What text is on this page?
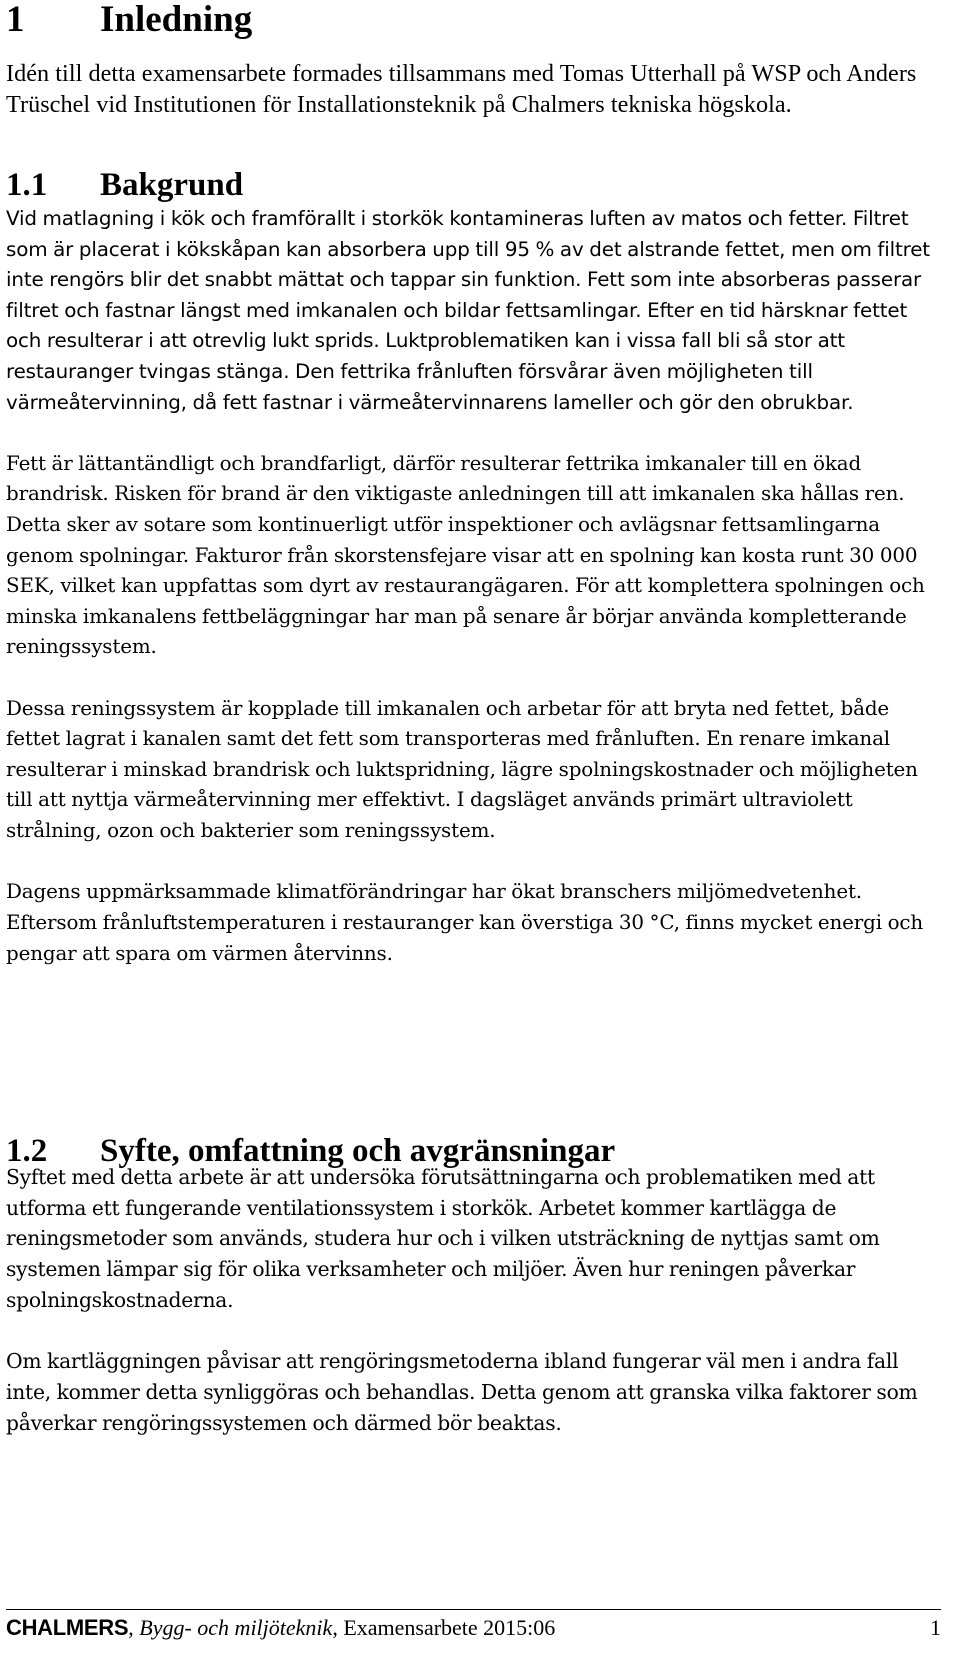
1	Inledning

Idén till detta examensarbete formades tillsammans med Tomas Utterhall på WSP och Anders Trüschel vid Institutionen för Installationsteknik på Chalmers tekniska högskola.

1.1	Bakgrund

Vid matlagning i kök och framförallt i storkök kontamineras luften av matos och fetter. Filtret som är placerat i kökskåpan kan absorbera upp till 95 % av det alstrande fettet, men om filtret inte rengörs blir det snabbt mättat och tappar sin funktion. Fett som inte absorberas passerar filtret och fastnar längst med imkanalen och bildar fettsamlingar. Efter en tid härsknar fettet och resulterar i att otrevlig lukt sprids. Luktproblematiken kan i vissa fall bli så stor att restauranger tvingas stänga. Den fettrika frånluften försvårar även möjligheten till värmeåtervinning, då fett fastnar i värmeåtervinnarens lameller och gör den obrukbar.

Fett är lättantändligt och brandfarligt, därför resulterar fettrika imkanaler till en ökad brandrisk. Risken för brand är den viktigaste anledningen till att imkanalen ska hållas ren. Detta sker av sotare som kontinuerligt utför inspektioner och avlägsnar fettsamlingarna genom spolningar. Fakturor från skorstensfejare visar att en spolning kan kosta runt 30 000 SEK, vilket kan uppfattas som dyrt av restaurangägaren. För att komplettera spolningen och minska imkanalens fettbeläggningar har man på senare år börjar använda kompletterande reningssystem.

Dessa reningssystem är kopplade till imkanalen och arbetar för att bryta ned fettet, både fettet lagrat i kanalen samt det fett som transporteras med frånluften. En renare imkanal resulterar i minskad brandrisk och luktspridning, lägre spolningskostnader och möjligheten till att nyttja värmeåtervinning mer effektivt. I dagsläget används primärt ultraviolett strålning, ozon och bakterier som reningssystem.

Dagens uppmärksammade klimatförändringar har ökat branschers miljömedvetenhet. Eftersom frånluftstemperaturen i restauranger kan överstiga 30 °C, finns mycket energi och pengar att spara om värmen återvinns.

1.2	Syfte, omfattning och avgränsningar

Syftet med detta arbete är att undersöka förutsättningarna och problematiken med att utforma ett fungerande ventilationssystem i storkök. Arbetet kommer kartlägga de reningsmetoder som används, studera hur och i vilken utsträckning de nyttjas samt om systemen lämpar sig för olika verksamheter och miljöer. Även hur reningen påverkar spolningskostnaderna.

Om kartläggningen påvisar att rengöringsmetoderna ibland fungerar väl men i andra fall inte, kommer detta synliggöras och behandlas. Detta genom att granska vilka faktorer som påverkar rengöringssystemen och därmed bör beaktas.

CHALMERS , Bygg- och miljöteknik, Examensarbete 2015:06	1
